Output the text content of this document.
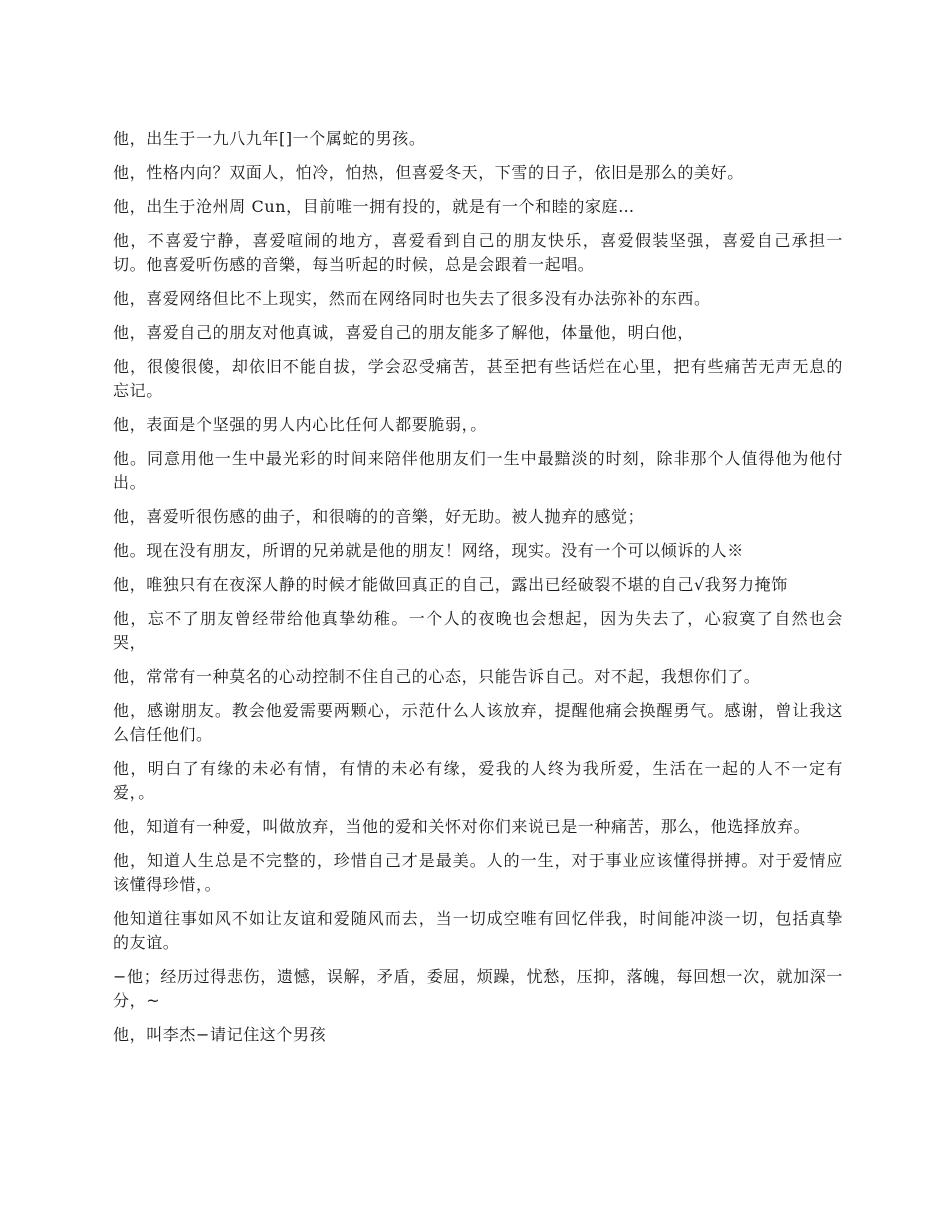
他，出生于一九八九年[]一个属蛇的男孩。

他，性格内向？双面人，怕冷，怕热，但喜爱冬天，下雪的日子，依旧是那么的美好。

他，出生于沧州周 Cun，目前唯一拥有投的，就是有一个和睦的家庭…

他，不喜爱宁静，喜爱喧闹的地方，喜爱看到自己的朋友快乐，喜爱假装坚强，喜爱自己承担一切。他喜爱听伤感的音樂，每当听起的时候，总是会跟着一起唱。

他，喜爱网络但比不上现实，然而在网络同时也失去了很多没有办法弥补的东西。

他，喜爱自己的朋友对他真诚，喜爱自己的朋友能多了解他，体量他，明白他，

他，很傻很傻，却依旧不能自拔，学会忍受痛苦，甚至把有些话烂在心里，把有些痛苦无声无息的忘记。

他，表面是个坚强的男人内心比任何人都要脆弱，。

他。同意用他一生中最光彩的时间来陪伴他朋友们一生中最黯淡的时刻，除非那个人值得他为他付出。

他，喜爱听很伤感的曲子，和很嗨的的音樂，好无助。被人抛弃的感觉；

他。现在没有朋友，所谓的兄弟就是他的朋友！网络，现实。没有一个可以倾诉的人※

他，唯独只有在夜深人静的时候才能做回真正的自己，露出已经破裂不堪的自己√我努力掩饰

他，忘不了朋友曾经带给他真挚幼稚。一个人的夜晚也会想起，因为失去了，心寂寞了自然也会哭，

他，常常有一种莫名的心动控制不住自己的心态，只能告诉自己。对不起，我想你们了。

他，感谢朋友。教会他爱需要两颗心，示范什么人该放弃，提醒他痛会换醒勇气。感谢，曾让我这么信任他们。

他，明白了有缘的未必有情，有情的未必有缘，爱我的人终为我所爱，生活在一起的人不一定有爱，。

他，知道有一种爱，叫做放弃，当他的爱和关怀对你们来说已是一种痛苦，那么，他选择放弃。

他，知道人生总是不完整的，珍惜自己才是最美。人的一生，对于事业应该懂得拼搏。对于爱情应该懂得珍惜，。

他知道往事如风不如让友谊和爱随风而去，当一切成空唯有回忆伴我，时间能冲淡一切，包括真挚的友谊。

−他；经历过得悲伤，遗憾，误解，矛盾，委屈，烦躁，忧愁，压抑，落魄，每回想一次，就加深一分，~

他，叫李杰−请记住这个男孩
